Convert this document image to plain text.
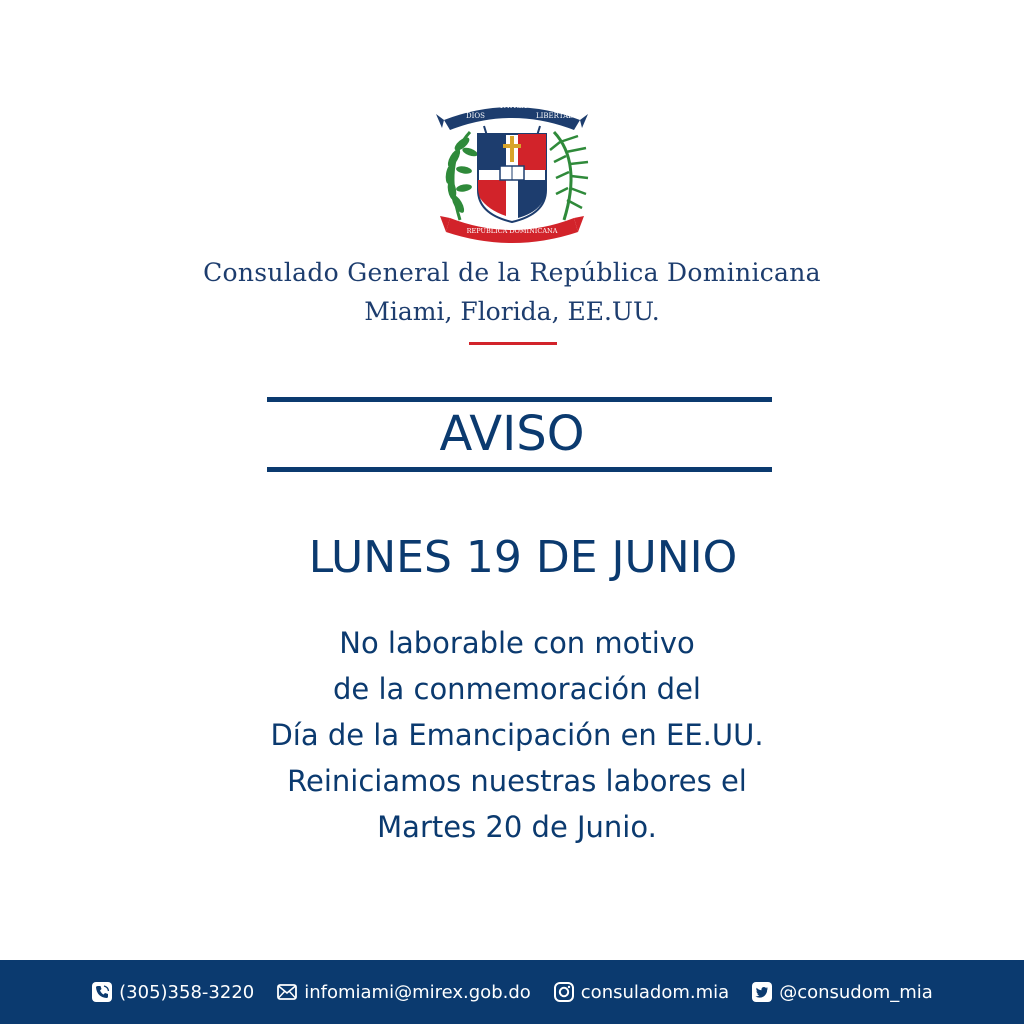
DIOS
PATRIA
LIBERTAD
REPUBLICA DOMINICANA
Consulado General de la República Dominicana
Miami, Florida, EE.UU.
AVISO
LUNES 19 DE JUNIO
No laborable con motivo
de la conmemoración del
Día de la Emancipación en EE.UU.
Reiniciamos nuestras labores el
Martes 20 de Junio.
(305)358-3220	infomiami@mirex.gob.do	consuladom.mia	@consudom_mia
